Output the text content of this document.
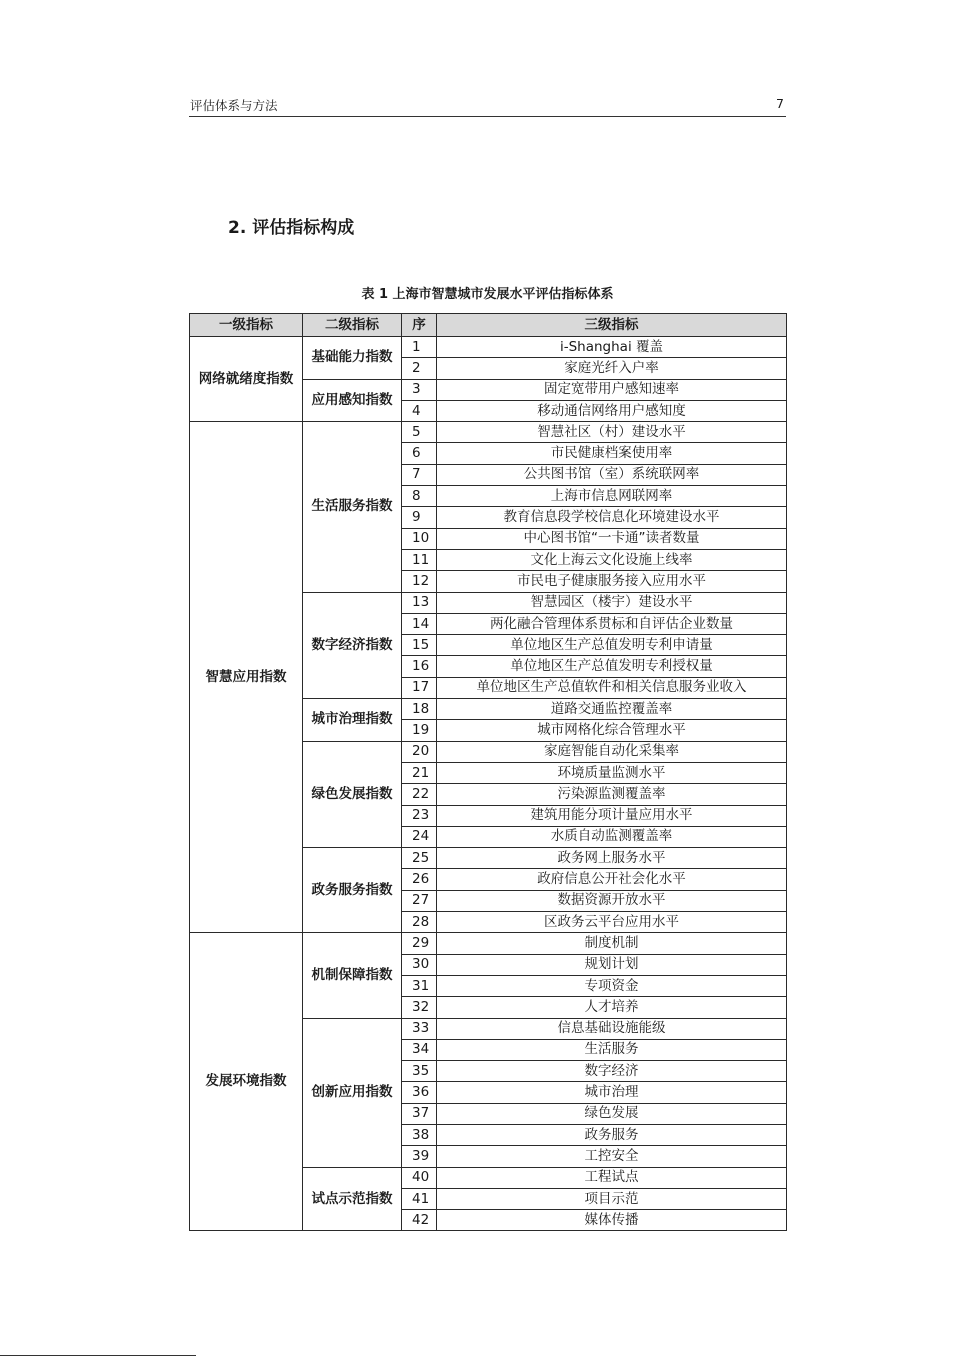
评估体系与方法	7
2. 评估指标构成
表 1 上海市智慧城市发展水平评估指标体系
一级指标	二级指标	序	三级指标
网络就绪度指数	基础能力指数	1	i-Shanghai 覆盖
		2	家庭光纤入户率
	应用感知指数	3	固定宽带用户感知速率
		4	移动通信网络用户感知度
智慧应用指数	生活服务指数	5	智慧社区（村）建设水平
		6	市民健康档案使用率
		7	公共图书馆（室）系统联网率
		8	上海市信息网联网率
		9	教育信息段学校信息化环境建设水平
		10	中心图书馆“一卡通”读者数量
		11	文化上海云文化设施上线率
		12	市民电子健康服务接入应用水平
	数字经济指数	13	智慧园区（楼宇）建设水平
		14	两化融合管理体系贯标和自评估企业数量
		15	单位地区生产总值发明专利申请量
		16	单位地区生产总值发明专利授权量
		17	单位地区生产总值软件和相关信息服务业收入
	城市治理指数	18	道路交通监控覆盖率
		19	城市网格化综合管理水平
	绿色发展指数	20	家庭智能自动化采集率
		21	环境质量监测水平
		22	污染源监测覆盖率
		23	建筑用能分项计量应用水平
		24	水质自动监测覆盖率
	政务服务指数	25	政务网上服务水平
		26	政府信息公开社会化水平
		27	数据资源开放水平
		28	区政务云平台应用水平
发展环境指数	机制保障指数	29	制度机制
		30	规划计划
		31	专项资金
		32	人才培养
	创新应用指数	33	信息基础设施能级
		34	生活服务
		35	数字经济
		36	城市治理
		37	绿色发展
		38	政务服务
		39	工控安全
	试点示范指数	40	工程试点
		41	项目示范
		42	媒体传播
